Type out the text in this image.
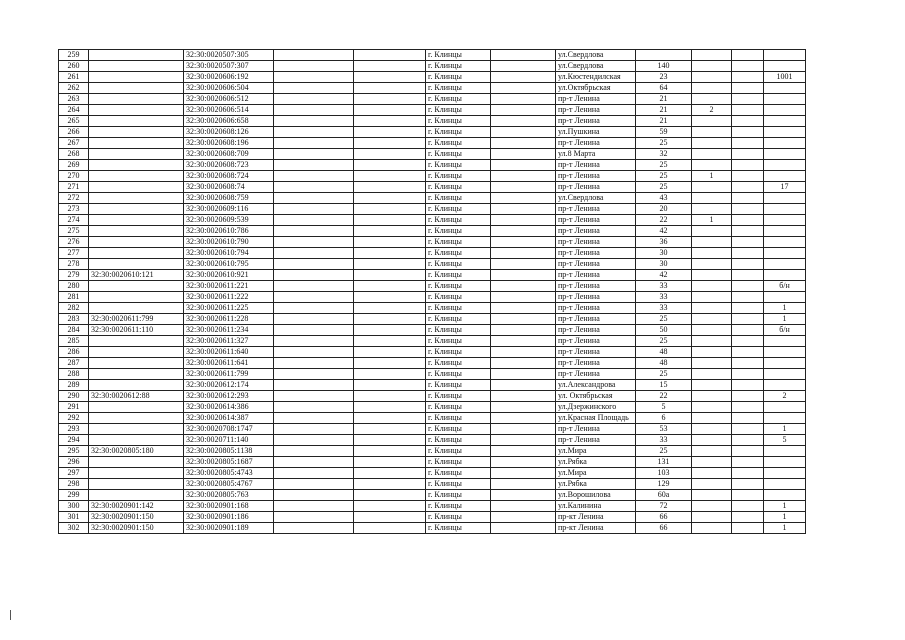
259		32:30:0020507:305			г. Клинцы		ул.Свердлова				
260		32:30:0020507:307			г. Клинцы		ул.Свердлова	140			
261		32:30:0020606:192			г. Клинцы		ул.Кюстендилская	23			1001
262		32:30:0020606:504			г. Клинцы		ул.Октябрьская	64			
263		32:30:0020606:512			г. Клинцы		пр-т Ленина	21			
264		32:30:0020606:514			г. Клинцы		пр-т Ленина	21	2		
265		32:30:0020606:658			г. Клинцы		пр-т Ленина	21			
266		32:30:0020608:126			г. Клинцы		ул.Пушкина	59			
267		32:30:0020608:196			г. Клинцы		пр-т Ленина	25			
268		32:30:0020608:709			г. Клинцы		ул.8 Марта	32			
269		32:30:0020608:723			г. Клинцы		пр-т Ленина	25			
270		32:30:0020608:724			г. Клинцы		пр-т Ленина	25	1		
271		32:30:0020608:74			г. Клинцы		пр-т Ленина	25			17
272		32:30:0020608:759			г. Клинцы		ул.Свердлова	43			
273		32:30:0020609:116			г. Клинцы		пр-т Ленина	20			
274		32:30:0020609:539			г. Клинцы		пр-т Ленина	22	1		
275		32:30:0020610:786			г. Клинцы		пр-т Ленина	42			
276		32:30:0020610:790			г. Клинцы		пр-т Ленина	36			
277		32:30:0020610:794			г. Клинцы		пр-т Ленина	30			
278		32:30:0020610:795			г. Клинцы		пр-т Ленина	30			
279	32:30:0020610:121	32:30:0020610:921			г. Клинцы		пр-т Ленина	42			
280		32:30:0020611:221			г. Клинцы		пр-т Ленина	33			б/н
281		32:30:0020611:222			г. Клинцы		пр-т Ленина	33			
282		32:30:0020611:225			г. Клинцы		пр-т Ленина	33			1
283	32:30:0020611:799	32:30:0020611:228			г. Клинцы		пр-т Ленина	25			1
284	32:30:0020611:110	32:30:0020611:234			г. Клинцы		пр-т Ленина	50			б/н
285		32:30:0020611:327			г. Клинцы		пр-т Ленина	25			
286		32:30:0020611:640			г. Клинцы		пр-т Ленина	48			
287		32:30:0020611:641			г. Клинцы		пр-т Ленина	48			
288		32:30:0020611:799			г. Клинцы		пр-т Ленина	25			
289		32:30:0020612:174			г. Клинцы		ул.Александрова	15			
290	32:30:0020612:88	32:30:0020612:293			г. Клинцы		ул. Октябрьская	22			2
291		32:30:0020614:386			г. Клинцы		ул.Дзержинского	5			
292		32:30:0020614:387			г. Клинцы		ул.Красная Площадь	6			
293		32:30:0020708:1747			г. Клинцы		пр-т Ленина	53			1
294		32:30:0020711:140			г. Клинцы		пр-т Ленина	33			5
295	32:30:0020805:180	32:30:0020805:1138			г. Клинцы		ул.Мира	25			
296		32:30:0020805:1687			г. Клинцы		ул.Рябка	131			
297		32:30:0020805:4743			г. Клинцы		ул.Мира	103			
298		32:30:0020805:4767			г. Клинцы		ул.Рябка	129			
299		32:30:0020805:763			г. Клинцы		ул.Ворошилова	60а			
300	32:30:0020901:142	32:30:0020901:168			г. Клинцы		ул.Калинина	72			1
301	32:30:0020901:150	32:30:0020901:186			г. Клинцы		пр-кт Ленина	66			1
302	32:30:0020901:150	32:30:0020901:189			г. Клинцы		пр-кт Ленина	66			1
